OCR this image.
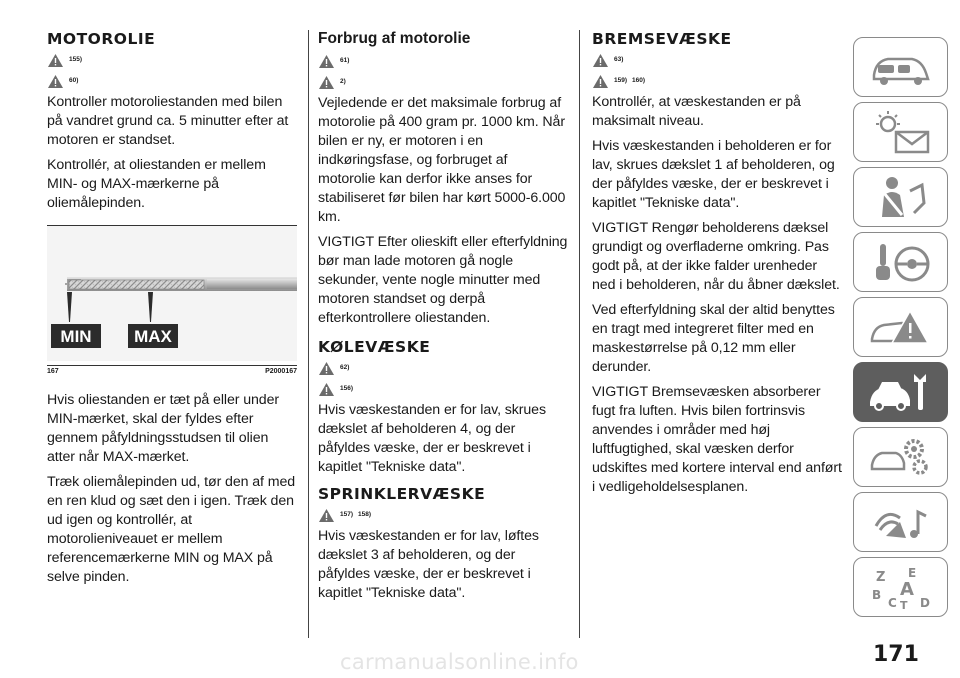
MOTOROLIE
155)
60)

Kontroller motoroliestanden med bilen på vandret grund ca. 5 minutter efter at motoren er standset.

Kontrollér, at oliestanden er mellem MIN- og MAX-mærkerne på oliemålepinden.

MIN	MAX
167	P2000167

Hvis oliestanden er tæt på eller under MIN-mærket, skal der fyldes efter gennem påfyldningsstudsen til olien atter når MAX-mærket.

Træk oliemålepinden ud, tør den af med en ren klud og sæt den i igen. Træk den ud igen og kontrollér, at motorolieniveauet er mellem referencemærkerne MIN og MAX på selve pinden.

Forbrug af motorolie
61)
2)

Vejledende er det maksimale forbrug af motorolie på 400 gram pr. 1000 km. Når bilen er ny, er motoren i en indkøringsfase, og forbruget af motorolie kan derfor ikke anses for stabiliseret før bilen har kørt 5000-6.000 km.

VIGTIGT Efter olieskift eller efterfyldning bør man lade motoren gå nogle sekunder, vente nogle minutter med motoren standset og derpå efterkontrollere oliestanden.

KØLEVÆSKE
62)
156)

Hvis væskestanden er for lav, skrues dækslet af beholderen 4, og der påfyldes væske, der er beskrevet i kapitlet "Tekniske data".

SPRINKLERVÆSKE
157) 158)

Hvis væskestanden er for lav, løftes dækslet 3 af beholderen, og der påfyldes væske, der er beskrevet i kapitlet "Tekniske data".

BREMSEVÆSKE
63)
159) 160)

Kontrollér, at væskestanden er på maksimalt niveau.

Hvis væskestanden i beholderen er for lav, skrues dækslet 1 af beholderen, og der påfyldes væske, der er beskrevet i kapitlet "Tekniske data".

VIGTIGT Rengør beholderens dæksel grundigt og overfladerne omkring. Pas godt på, at der ikke falder urenheder ned i beholderen, når du åbner dækslet.

Ved efterfyldning skal der altid benyttes en tragt med integreret filter med en maskestørrelse på 0,12 mm eller derunder.

VIGTIGT Bremsevæsken absorberer fugt fra luften. Hvis bilen fortrinsvis anvendes i områder med høj luftfugtighed, skal væsken derfor udskiftes med kortere interval end anført i vedligeholdelsesplanen.

Z E
B A
C T D
171
carmanualsonline.info
